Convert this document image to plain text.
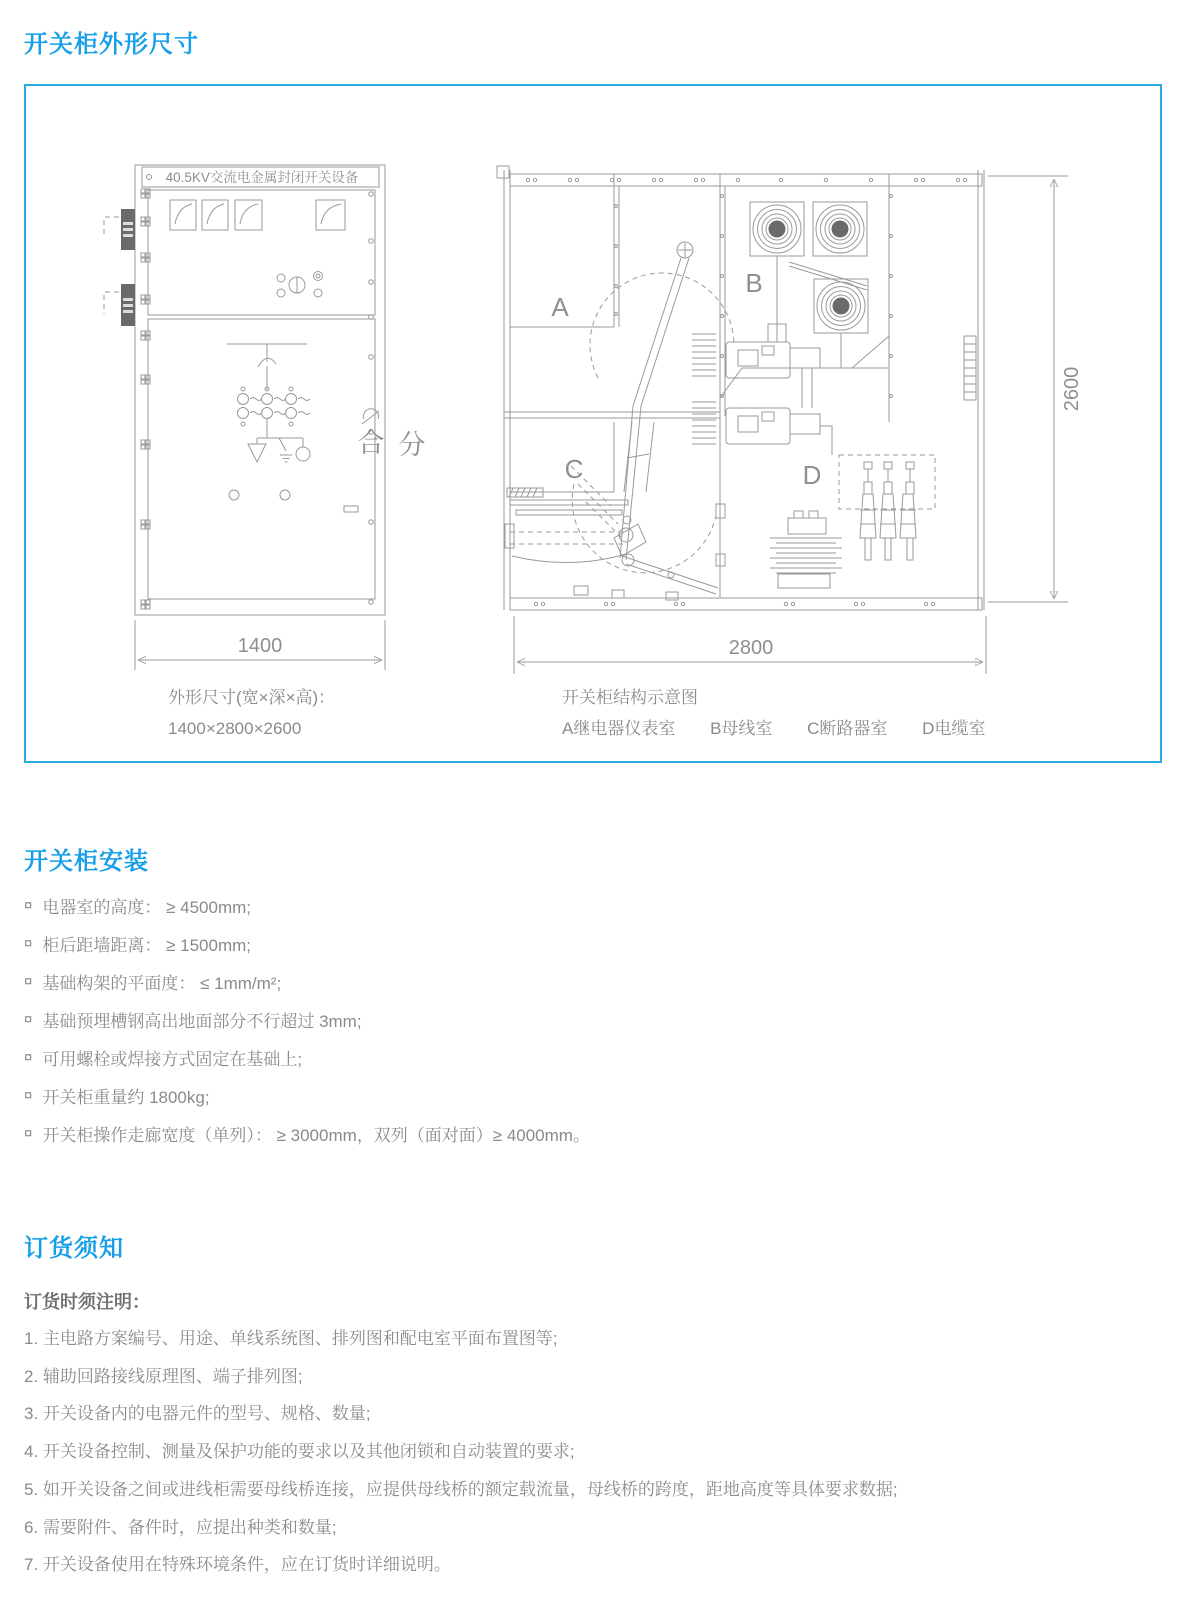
开关柜外形尺寸
40.5KV交流电金属封闭开关设备
合 分
1400
A
C
B
D
2800
2600
外形尺寸(宽×深×高)：
1400×2800×2600
开关柜结构示意图
A继电器仪表室 B母线室 C断路器室 D电缆室
开关柜安装
¤ 电器室的高度： ≥ 4500mm;
¤ 柜后距墙距离： ≥ 1500mm;
¤ 基础构架的平面度： ≤ 1mm/m²;
¤ 基础预埋槽钢高出地面部分不行超过 3mm;
¤ 可用螺栓或焊接方式固定在基础上;
¤ 开关柜重量约 1800kg;
¤ 开关柜操作走廊宽度（单列）： ≥ 3000mm，双列（面对面）≥ 4000mm。
订货须知
订货时须注明：
1. 主电路方案编号、用途、单线系统图、排列图和配电室平面布置图等;
2. 辅助回路接线原理图、端子排列图;
3. 开关设备内的电器元件的型号、规格、数量;
4. 开关设备控制、测量及保护功能的要求以及其他闭锁和自动装置的要求;
5. 如开关设备之间或进线柜需要母线桥连接，应提供母线桥的额定载流量，母线桥的跨度，距地高度等具体要求数据;
6. 需要附件、备件时，应提出种类和数量;
7. 开关设备使用在特殊环境条件，应在订货时详细说明。
